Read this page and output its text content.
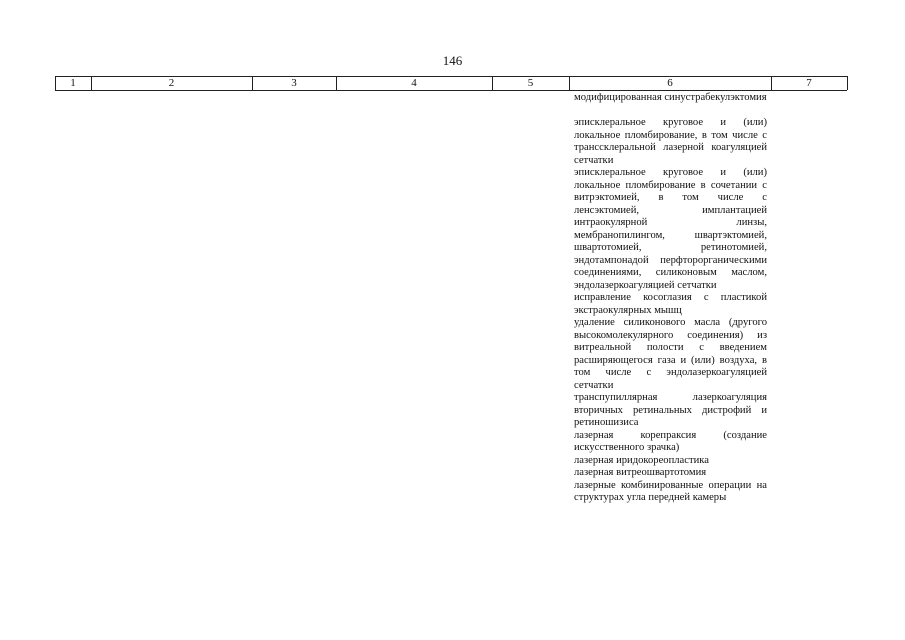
146
1	2	3	4	5	6	7
модифицированная синустрабекулэктомия
эписклеральное круговое и (или) локальное пломбирование, в том числе с транссклеральной лазерной коагуляцией сетчатки
эписклеральное круговое и (или) локальное пломбирование в сочетании с витрэктомией, в том числе с ленсэктомией, имплантацией интраокулярной линзы, мембранопилингом, швартэктомией, швартотомией, ретинотомией, эндотампонадой перфторорганическими соединениями, силиконовым маслом, эндолазеркоагуляцией сетчатки
исправление косоглазия с пластикой экстраокулярных мышц
удаление силиконового масла (другого высокомолекулярного соединения) из витреальной полости с введением расширяющегося газа и (или) воздуха, в том числе с эндолазеркоагуляцией сетчатки
транспупиллярная лазеркоагуляция вторичных ретинальных дистрофий и ретиношизиса
лазерная корепраксия (создание искусственного зрачка)
лазерная иридокореопластика
лазерная витреошвартотомия
лазерные комбинированные операции на структурах угла передней камеры
